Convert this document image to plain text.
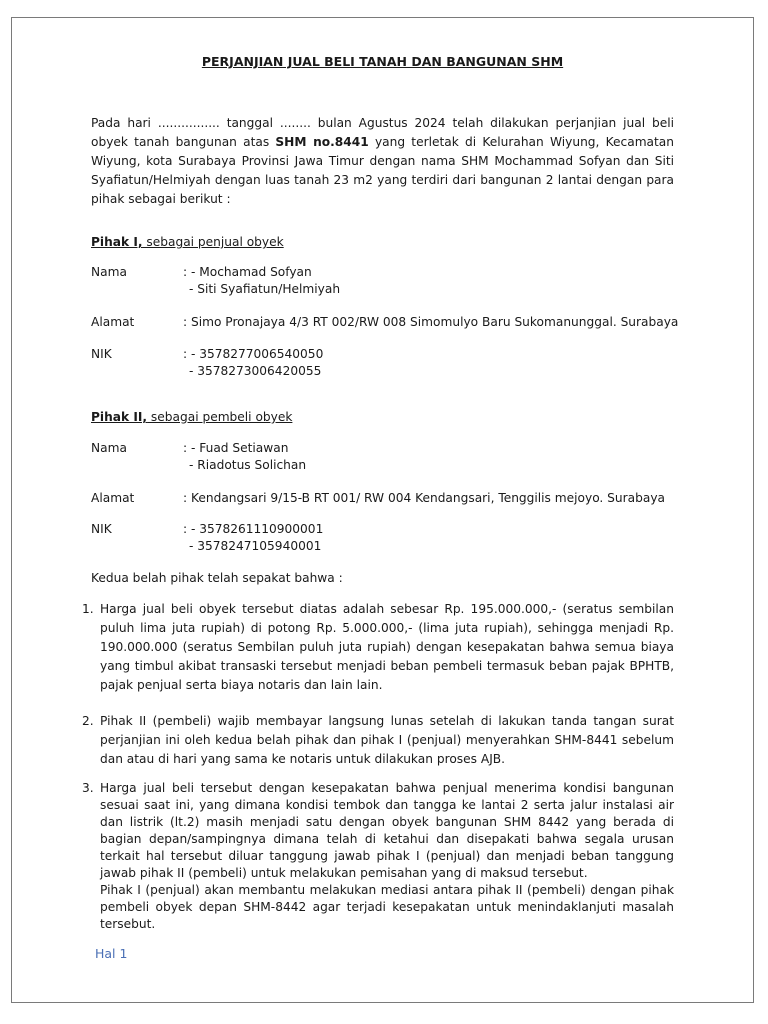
PERJANJIAN JUAL BELI TANAH DAN BANGUNAN SHM

Pada hari ................ tanggal ........ bulan Agustus 2024 telah dilakukan perjanjian jual beli obyek tanah bangunan atas SHM no.8441 yang terletak di Kelurahan Wiyung, Kecamatan Wiyung, kota Surabaya Provinsi Jawa Timur dengan nama SHM Mochammad Sofyan dan Siti Syafiatun/Helmiyah dengan luas tanah 23 m2 yang terdiri dari bangunan 2 lantai dengan para pihak sebagai berikut :

Pihak I, sebagai penjual obyek

Nama	: - Mochamad Sofyan
- Siti Syafiatun/Helmiyah
Alamat	: Simo Pronajaya 4/3 RT 002/RW 008 Simomulyo Baru Sukomanunggal. Surabaya
NIK	: - 3578277006540050
- 3578273006420055

Pihak II, sebagai pembeli obyek

Nama	: - Fuad Setiawan
- Riadotus Solichan
Alamat	: Kendangsari 9/15-B RT 001/ RW 004 Kendangsari, Tenggilis mejoyo. Surabaya
NIK	: - 3578261110900001
- 3578247105940001

Kedua belah pihak telah sepakat bahwa :

1. Harga jual beli obyek tersebut diatas adalah sebesar Rp. 195.000.000,- (seratus sembilan puluh lima juta rupiah) di potong Rp. 5.000.000,- (lima juta rupiah), sehingga menjadi Rp. 190.000.000 (seratus Sembilan puluh juta rupiah) dengan kesepakatan bahwa semua biaya yang timbul akibat transaski tersebut menjadi beban pembeli termasuk beban pajak BPHTB, pajak penjual serta biaya notaris dan lain lain.

2. Pihak II (pembeli) wajib membayar langsung lunas setelah di lakukan tanda tangan surat perjanjian ini oleh kedua belah pihak dan pihak I (penjual) menyerahkan SHM-8441 sebelum dan atau di hari yang sama ke notaris untuk dilakukan proses AJB.

3. Harga jual beli tersebut dengan kesepakatan bahwa penjual menerima kondisi bangunan sesuai saat ini, yang dimana kondisi tembok dan tangga ke lantai 2 serta jalur instalasi air dan listrik (lt.2) masih menjadi satu dengan obyek bangunan SHM 8442 yang berada di bagian depan/sampingnya dimana telah di ketahui dan disepakati bahwa segala urusan terkait hal tersebut diluar tanggung jawab pihak I (penjual) dan menjadi beban tanggung jawab pihak II (pembeli) untuk melakukan pemisahan yang di maksud tersebut.

Pihak I (penjual) akan membantu melakukan mediasi antara pihak II (pembeli) dengan pihak pembeli obyek depan SHM-8442 agar terjadi kesepakatan untuk menindaklanjuti masalah tersebut.

Hal 1
